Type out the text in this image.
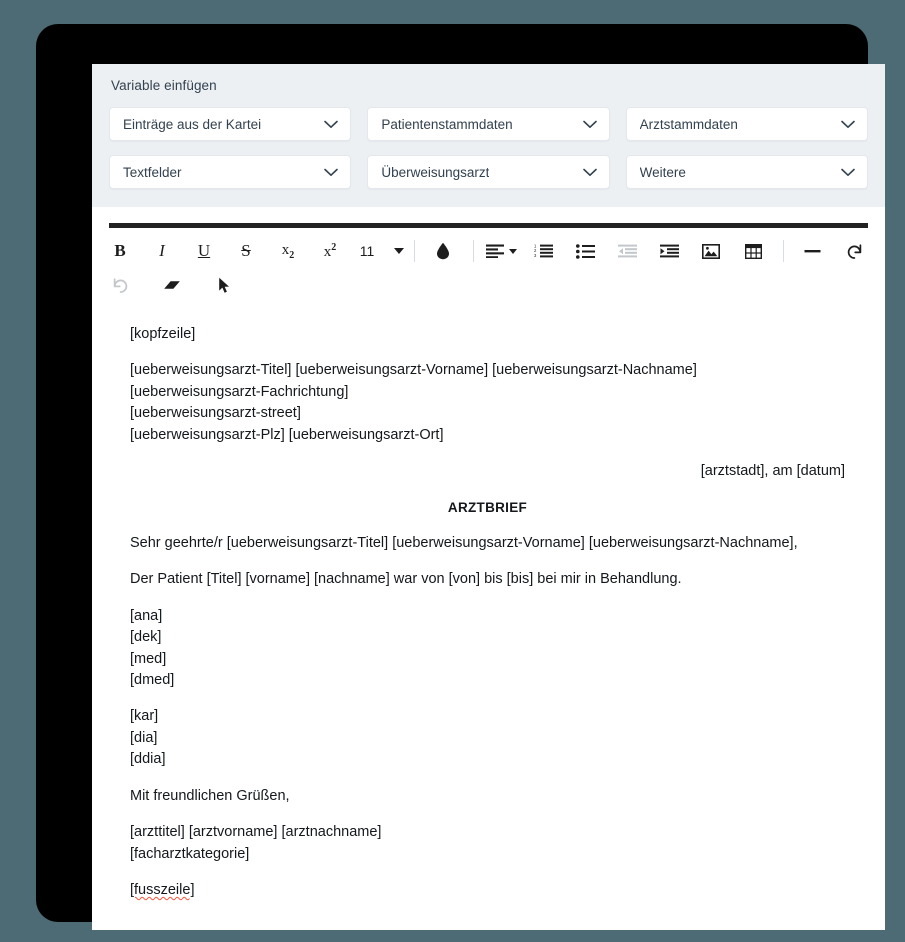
Variable einfügen
Einträge aus der Kartei	Patientenstammdaten	Arztstammdaten
Textfelder	Überweisungsarzt	Weitere
B I U S $x_2$ $x^2$ 11	1
2
3

[kopfzeile]

[ueberweisungsarzt-Titel] [ueberweisungsarzt-Vorname] [ueberweisungsarzt-Nachname]

[ueberweisungsarzt-Fachrichtung]

[ueberweisungsarzt-street]

[ueberweisungsarzt-Plz] [ueberweisungsarzt-Ort]

[arztstadt], am [datum]

ARZTBRIEF

Sehr geehrte/r [ueberweisungsarzt-Titel] [ueberweisungsarzt-Vorname] [ueberweisungsarzt-Nachname],

Der Patient [Titel] [vorname] [nachname] war von [von] bis [bis] bei mir in Behandlung.

[ana]

[dek]

[med]

[dmed]

[kar]

[dia]

[ddia]

Mit freundlichen Grüßen,

[arzttitel] [arztvorname] [arztnachname]

[facharztkategorie]

[fusszeile]
